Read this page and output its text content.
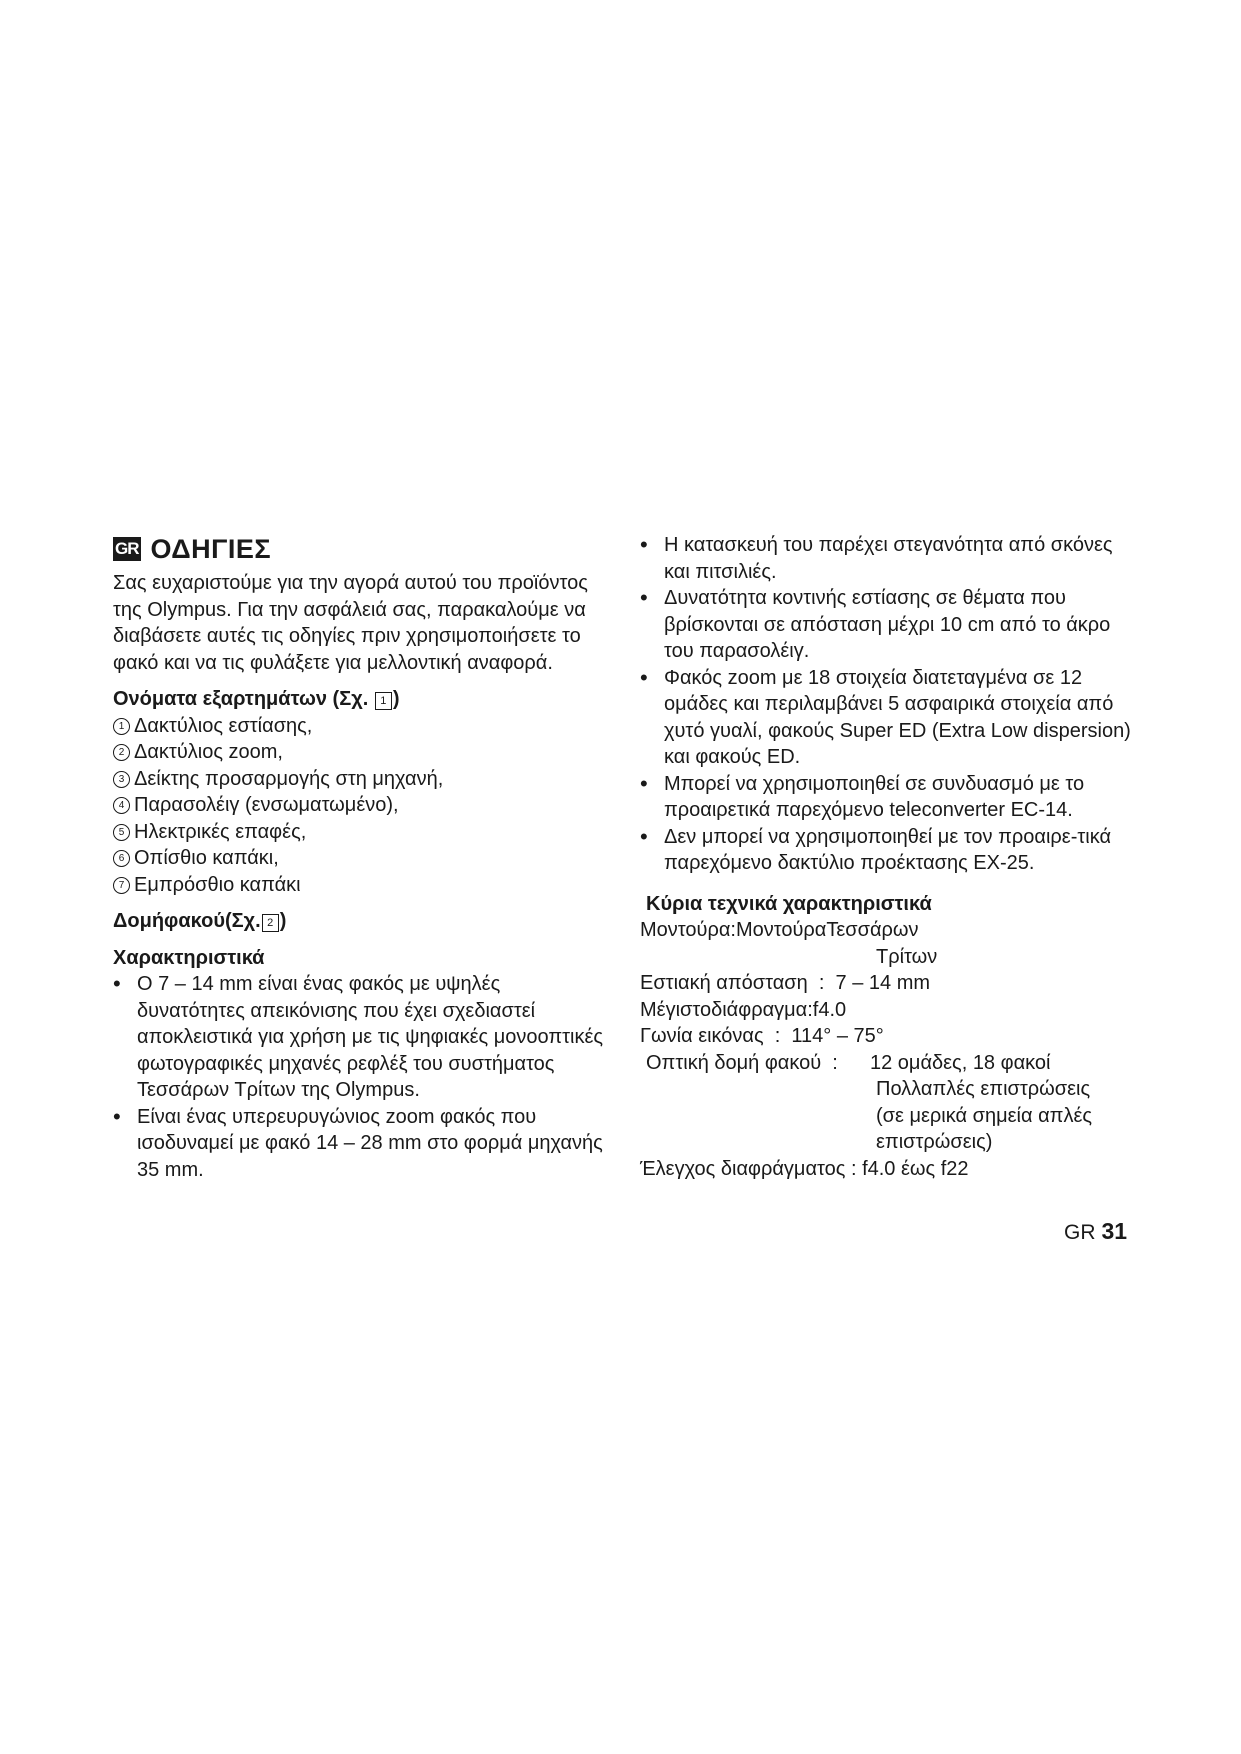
GR ΟΔΗΓΙΕΣ

Σας ευχαριστούμε για την αγορά αυτού του προϊόντος της Olympus. Για την ασφάλειά σας, παρακαλούμε να διαβάσετε αυτές τις οδηγίες πριν χρησιμοποιήσετε το φακό και να τις φυλάξετε για μελλοντική αναφορά.

Ονόματα εξαρτημάτων (Σχ. 1 )

1 Δακτύλιος εστίασης,
2 Δακτύλιος zoom,
3 Δείκτης προσαρμογής στη μηχανή,
4 Παρασολέιγ (ενσωματωμένο),
5 Ηλεκτρικές επαφές,
6 Οπίσθιο καπάκι,
7 Εμπρόσθιο καπάκι

Δομήφακού(Σχ. 2 )

Χαρακτηριστικά

• Ο 7 – 14 mm είναι ένας φακός με υψηλές δυνατότητες απεικόνισης που έχει σχεδιαστεί αποκλειστικά για χρήση με τις ψηφιακές μονοοπτικές φωτογραφικές μηχανές ρεφλέξ του συστήματος Τεσσάρων Τρίτων της Olympus.
• Είναι ένας υπερευρυγώνιος zoom φακός που ισοδυναμεί με φακό 14 – 28 mm στο φορμά μηχανής 35 mm.
• Η κατασκευή του παρέχει στεγανότητα από σκόνες και πιτσιλιές.
• Δυνατότητα κοντινής εστίασης σε θέματα που βρίσκονται σε απόσταση μέχρι 10 cm από το άκρο του παρασολέιγ.
• Φακός zoom με 18 στοιχεία διατεταγμένα σε 12 ομάδες και περιλαμβάνει 5 ασφαιρικά στοιχεία από χυτό γυαλί, φακούς Super ED (Extra Low dispersion) και φακούς ED.
• Μπορεί να χρησιμοποιηθεί σε συνδυασμό με το προαιρετικά παρεχόμενο teleconverter EC-14.
• Δεν μπορεί να χρησιμοποιηθεί με τον προαιρε-τικά παρεχόμενο δακτύλιο προέκτασης EX-25.

Κύρια τεχνικά χαρακτηριστικά

Μοντούρα: ΜοντούραΤεσσάρων
Τρίτων
Εστιακή απόσταση  : 7 – 14 mm
Μέγιστοδιάφραγμα: f4.0
Γωνία εικόνας  : 114° – 75°
Οπτική δομή φακού  :	12 ομάδες, 18 φακοί
Πολλαπλές επιστρώσεις
(σε μερικά σημεία απλές
επιστρώσεις)
Έλεγχος διαφράγματος : f4.0 έως f22
GR 31
